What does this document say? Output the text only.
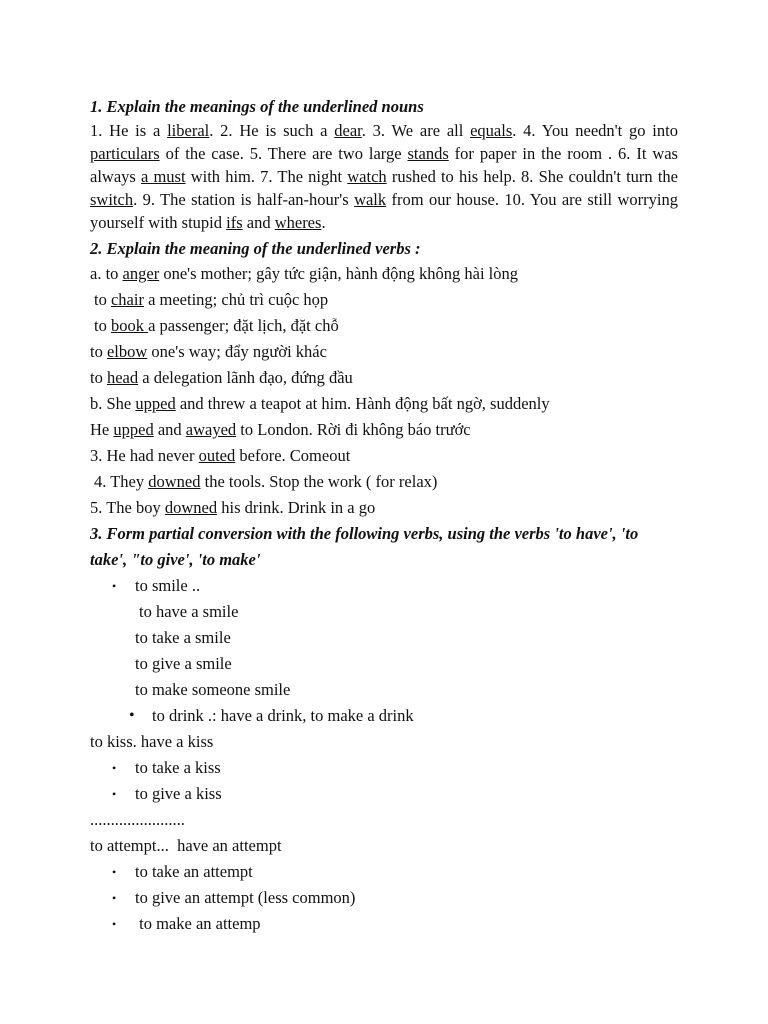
1. Explain the meanings of the underlined nouns

1. He is a liberal. 2. He is such a dear. 3. We are all equals. 4. You needn't go into particulars of the case. 5. There are two large stands for paper in the room . 6. It was always a must with him. 7. The night watch rushed to his help. 8. She couldn't turn the switch. 9. The station is half-an-hour's walk from our house. 10. You are still worrying yourself with stupid ifs and wheres.

2. Explain the meaning of the underlined verbs :
a. to anger one's mother; gây tức giận, hành động không hài lòng
to chair a meeting; chủ trì cuộc họp
to book a passenger; đặt lịch, đặt chỗ
to elbow one's way; đẩy người khác
to head a delegation lãnh đạo, đứng đầu
b. She upped and threw a teapot at him. Hành động bất ngờ, suddenly
He upped and awayed to London. Rời đi không báo trước
3. He had never outed before. Comeout
4. They downed the tools. Stop the work ( for relax)
5. The boy downed his drink. Drink in a go
3. Form partial conversion with the following verbs, using the verbs 'to have', 'to
take', "to give', 'to make'
• to smile ..
to have a smile
to take a smile
to give a smile
to make someone smile
• to drink .: have a drink, to make a drink
to kiss. have a kiss
• to take a kiss
• to give a kiss
.......................
to attempt...  have an attempt
• to take an attempt
• to give an attempt (less common)
• to make an attemp
